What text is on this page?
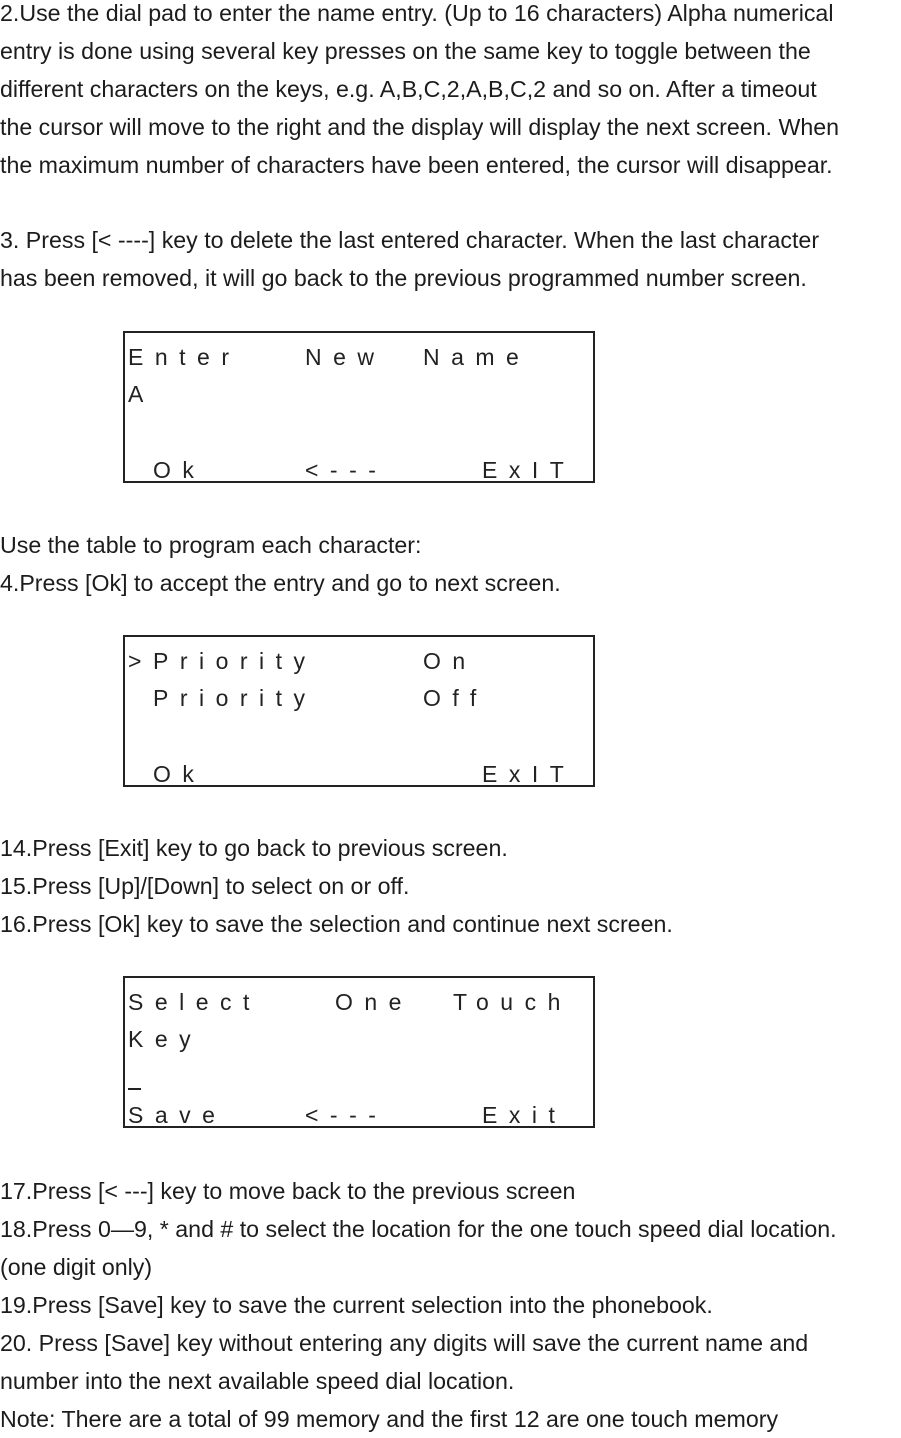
2.Use the dial pad to enter the name entry. (Up to 16 characters) Alpha numerical
entry is done using several key presses on the same key to toggle between the
different characters on the keys, e.g. A,B,C,2,A,B,C,2 and so on. After a timeout
the cursor will move to the right and the display will display the next screen. When
the maximum number of characters have been entered, the cursor will disappear.
3. Press [< ----] key to delete the last entered character. When the last character
has been removed, it will go back to the previous programmed number screen.
Enter	New Name
A
Ok	<---	ExIT
Use the table to program each character:
4.Press [Ok] to accept the entry and go to next screen.
> Priority	On
Priority	Off
Ok	ExIT
14.Press [Exit] key to go back to previous screen.
15.Press [Up]/[Down] to select on or off.
16.Press [Ok] key to save the selection and continue next screen.
Select	One Touch
Key
Save	<---	Exit
17.Press [< ---] key to move back to the previous screen
18.Press 0—9, * and # to select the location for the one touch speed dial location.
(one digit only)
19.Press [Save] key to save the current selection into the phonebook.
20. Press [Save] key without entering any digits will save the current name and
number into the next available speed dial location.
Note: There are a total of 99 memory and the first 12 are one touch memory
